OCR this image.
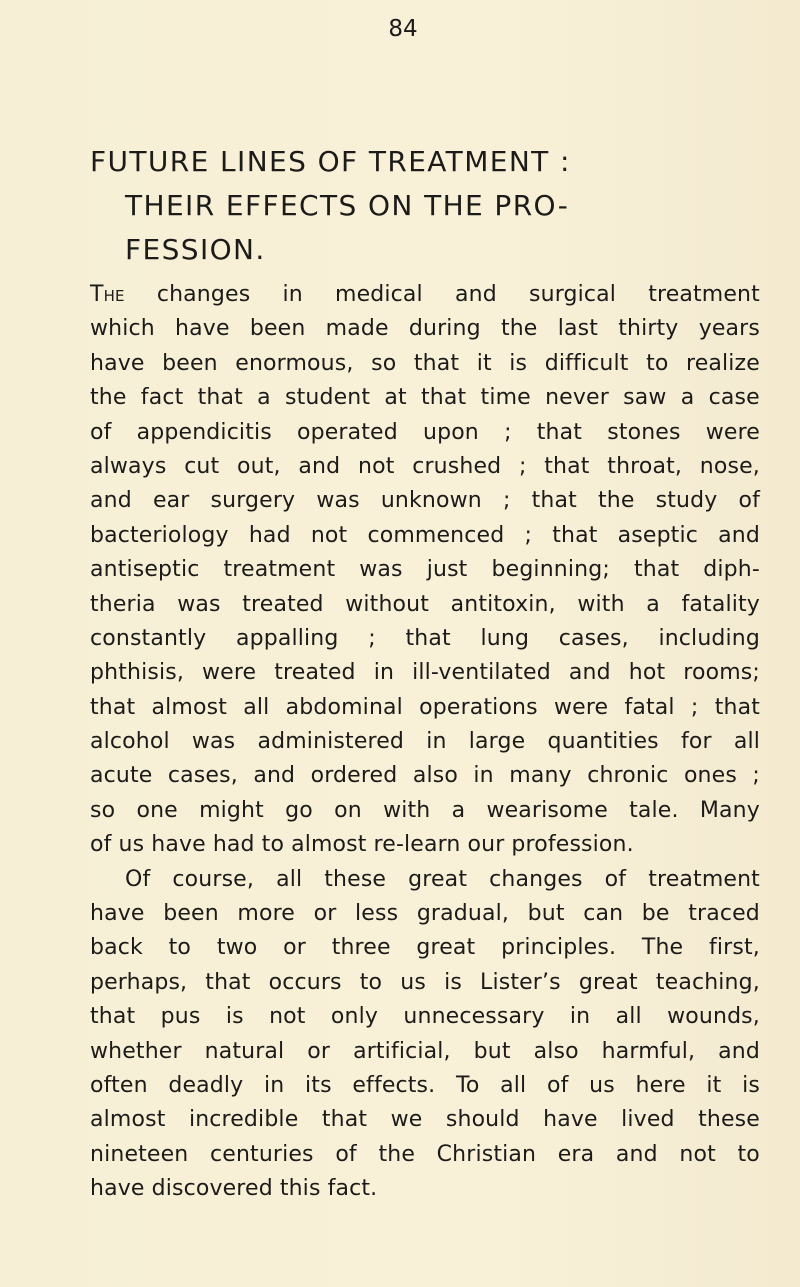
84
FUTURE LINES OF TREATMENT :
THEIR EFFECTS ON THE PRO-
FESSION.
The changes in medical and surgical treatment
which have been made during the last thirty years
have been enormous, so that it is difficult to realize
the fact that a student at that time never saw a case
of appendicitis operated upon ; that stones were
always cut out, and not crushed ; that throat, nose,
and ear surgery was unknown ; that the study of
bacteriology had not commenced ; that aseptic and
antiseptic treatment was just beginning; that diph-
theria was treated without antitoxin, with a fatality
constantly appalling ; that lung cases, including
phthisis, were treated in ill-ventilated and hot rooms;
that almost all abdominal operations were fatal ; that
alcohol was administered in large quantities for all
acute cases, and ordered also in many chronic ones ;
so one might go on with a wearisome tale. Many
of us have had to almost re-learn our profession.
Of course, all these great changes of treatment
have been more or less gradual, but can be traced
back to two or three great principles. The first,
perhaps, that occurs to us is Lister’s great teaching,
that pus is not only unnecessary in all wounds,
whether natural or artificial, but also harmful, and
often deadly in its effects. To all of us here it is
almost incredible that we should have lived these
nineteen centuries of the Christian era and not to
have discovered this fact.
